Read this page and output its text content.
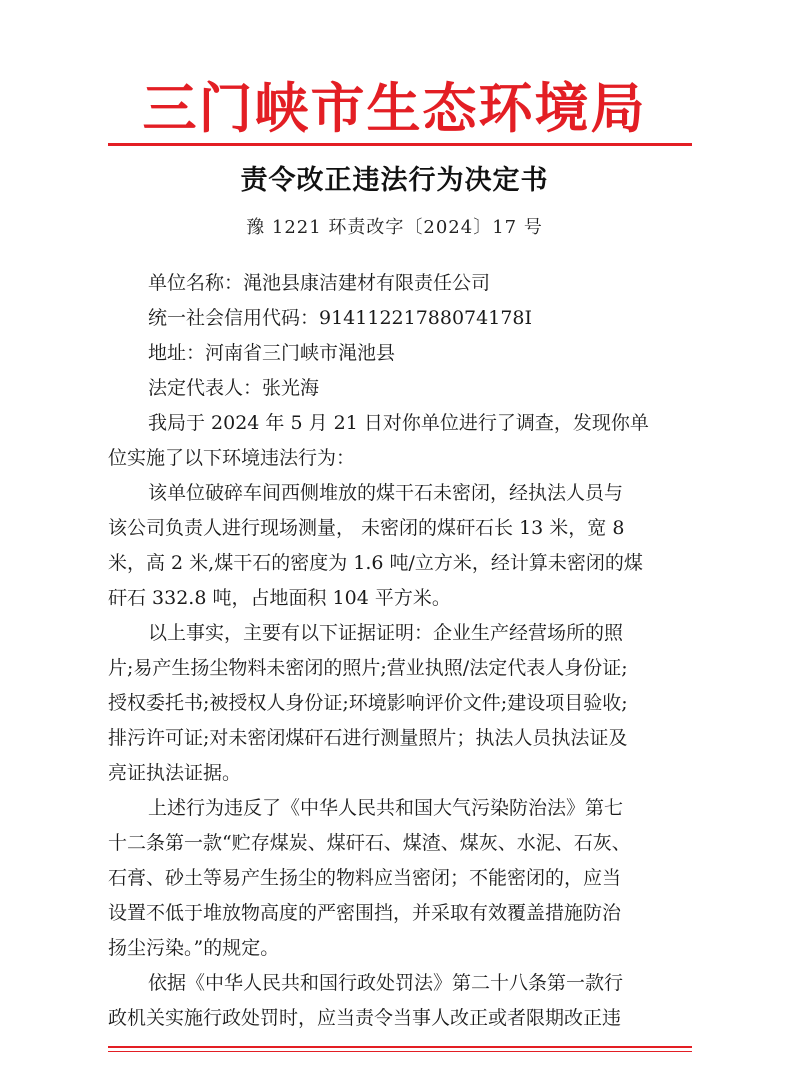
三门峡市生态环境局
责令改正违法行为决定书
豫 1221 环责改字〔2024〕17 号
单位名称：渑池县康洁建材有限责任公司
统一社会信用代码：91411221788074178I
地址：河南省三门峡市渑池县
法定代表人：张光海
我局于 2024 年 5 月 21 日对你单位进行了调查，发现你单
位实施了以下环境违法行为：
该单位破碎车间西侧堆放的煤干石未密闭，经执法人员与
该公司负责人进行现场测量， 未密闭的煤矸石长 13 米，宽 8
米，高 2 米,煤干石的密度为 1.6 吨/立方米，经计算未密闭的煤
矸石 332.8 吨，占地面积 104 平方米。
以上事实，主要有以下证据证明：企业生产经营场所的照
片;易产生扬尘物料未密闭的照片;营业执照/法定代表人身份证;
授权委托书;被授权人身份证;环境影响评价文件;建设项目验收;
排污许可证;对未密闭煤矸石进行测量照片；执法人员执法证及
亮证执法证据。
上述行为违反了《中华人民共和国大气污染防治法》第七
十二条第一款“贮存煤炭、煤矸石、煤渣、煤灰、水泥、石灰、
石膏、砂土等易产生扬尘的物料应当密闭；不能密闭的，应当
设置不低于堆放物高度的严密围挡，并采取有效覆盖措施防治
扬尘污染。”的规定。
依据《中华人民共和国行政处罚法》第二十八条第一款行
政机关实施行政处罚时，应当责令当事人改正或者限期改正违
